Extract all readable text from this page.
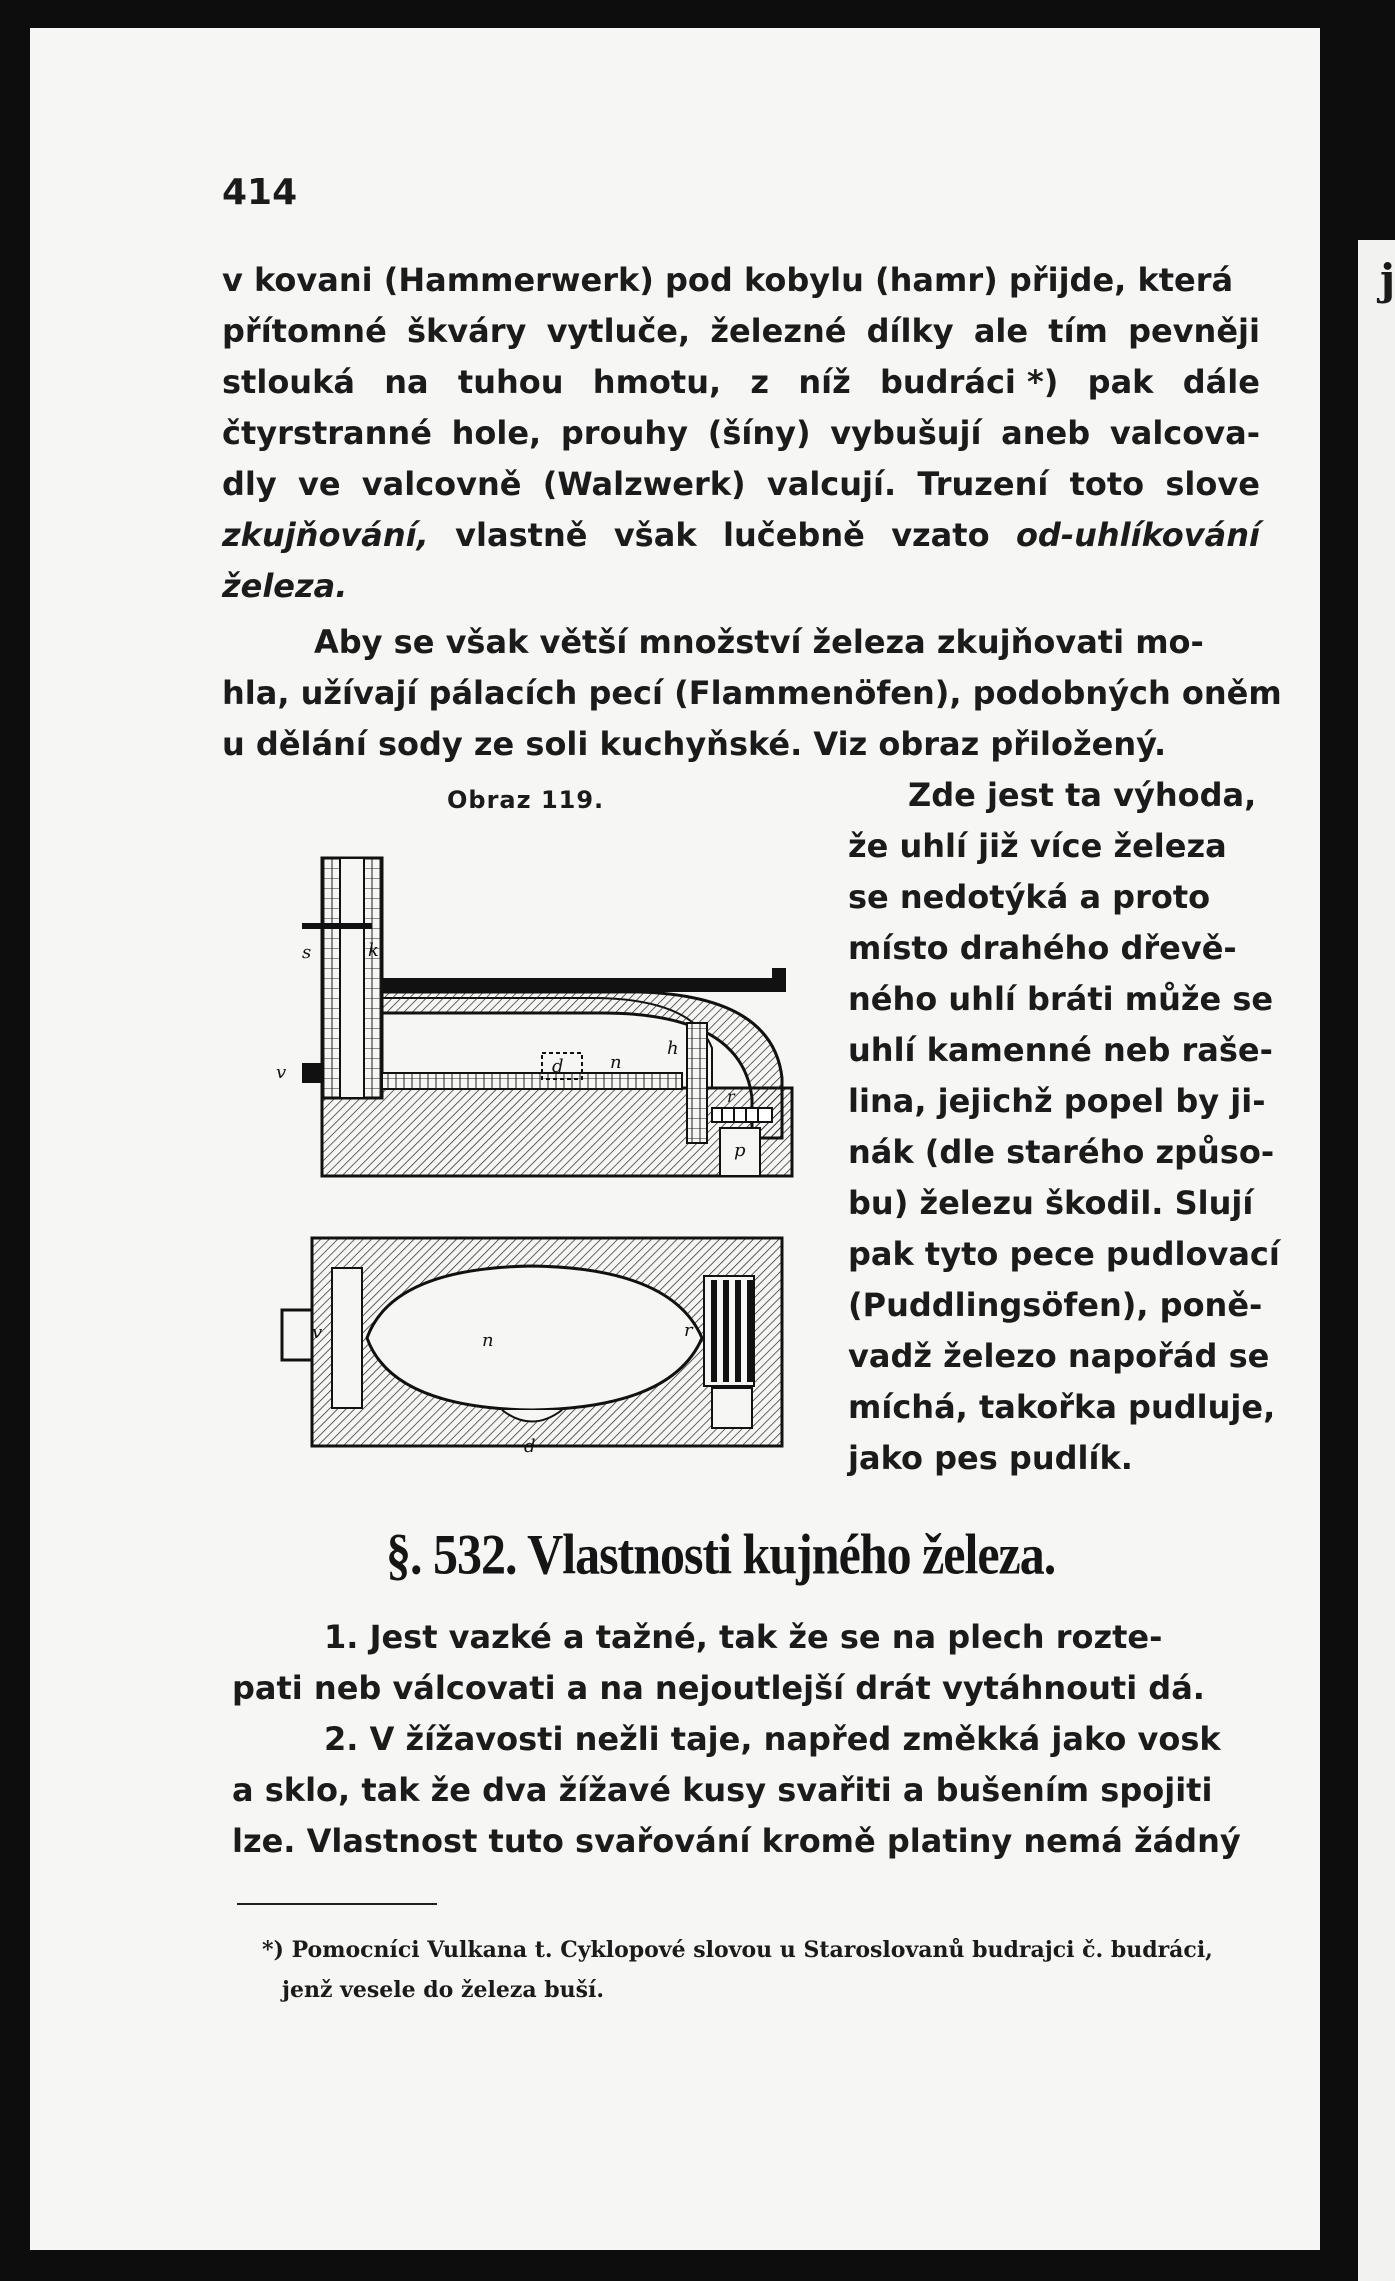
j
414
v kovani (Hammerwerk) pod kobylu (hamr) přijde, která
přítomné škváry vytluče, železné dílky ale tím pevněji
stlouká na tuhou hmotu, z níž budráci *) pak dále
čtyrstranné hole, prouhy (šíny) vybušují aneb valcova-
dly ve valcovně (Walzwerk) valcují. Truzení toto slove
zkujňování, vlastně však lučebně vzato od-uhlíkování
železa.
Aby se však větší množství železa zkujňovati mo-
hla, užívají pálacích pecí (Flammenöfen), podobných oněm
u dělání sody ze soli kuchyňské. Viz obraz přiložený.
Obraz 119.
k
s
v	d	n
h
r
p
v	n	r
d
Zde jest ta výhoda,
že uhlí již více železa
se nedotýká a proto
místo drahého dřevě-
ného uhlí bráti může se
uhlí kamenné neb raše-
lina, jejichž popel by ji-
nák (dle starého způso-
bu) železu škodil. Slují
pak tyto pece pudlovací
(Puddlingsöfen), poně-
vadž železo napořád se
míchá, takořka pudluje,
jako pes pudlík.
§. 532. Vlastnosti kujného železa.
1. Jest vazké a tažné, tak že se na plech rozte-
pati neb válcovati a na nejoutlejší drát vytáhnouti dá.
2. V žížavosti nežli taje, napřed změkká jako vosk
a sklo, tak že dva žížavé kusy svařiti a bušením spojiti
lze. Vlastnost tuto svařování kromě platiny nemá žádný
*) Pomocníci Vulkana t. Cyklopové slovou u Staroslovanů budrajci č. budráci,
jenž vesele do železa buší.
